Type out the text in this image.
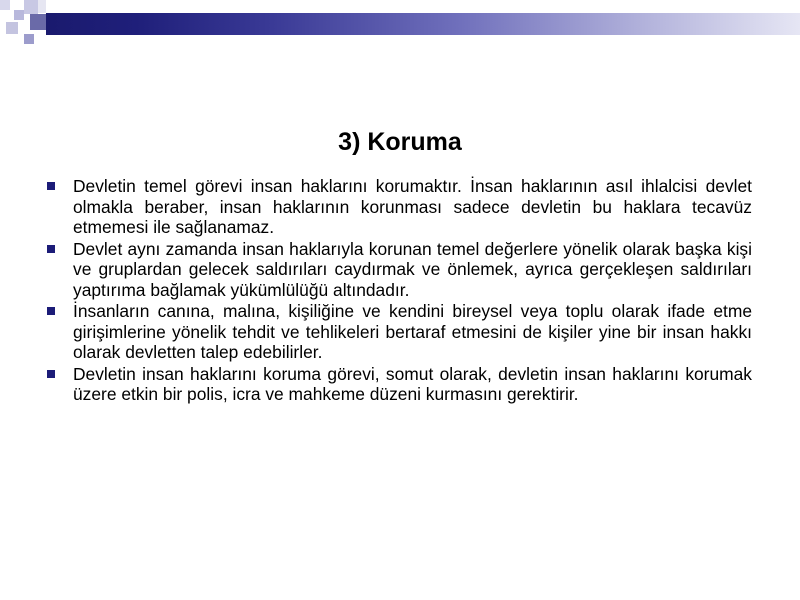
3) Koruma
Devletin temel görevi insan haklarını korumaktır. İnsan haklarının asıl ihlalcisi devlet olmakla beraber, insan haklarının korunması sadece devletin bu haklara tecavüz etmemesi ile sağlanamaz.
Devlet aynı zamanda insan haklarıyla korunan temel değerlere yönelik olarak başka kişi ve gruplardan gelecek saldırıları caydırmak ve önlemek, ayrıca gerçekleşen saldırıları yaptırıma bağlamak yükümlülüğü altındadır.
İnsanların canına, malına, kişiliğine ve kendini bireysel veya toplu olarak ifade etme girişimlerine yönelik tehdit ve tehlikeleri bertaraf etmesini de kişiler yine bir insan hakkı olarak devletten talep edebilirler.
Devletin insan haklarını koruma görevi, somut olarak, devletin insan haklarını korumak üzere etkin bir polis, icra ve mahkeme düzeni kurmasını gerektirir.
